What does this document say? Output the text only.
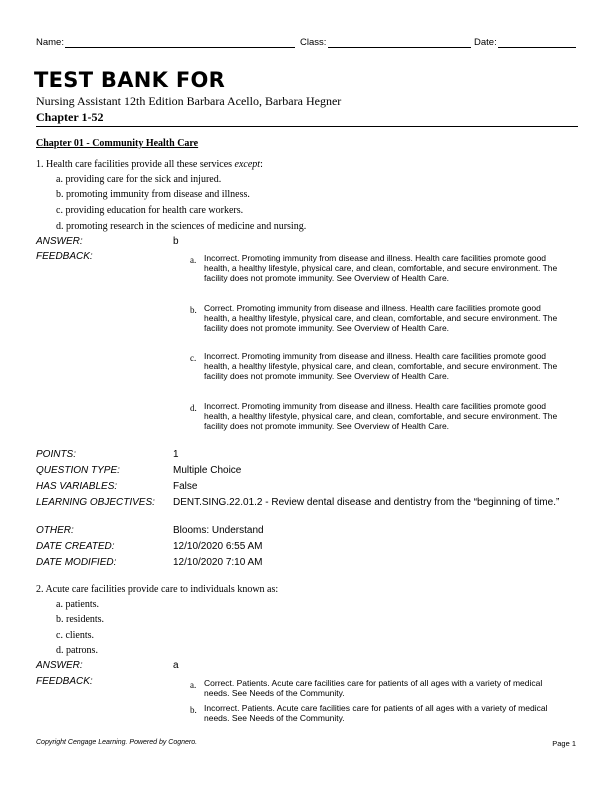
Name:	Class:	Date:
TEST BANK FOR
Nursing Assistant 12th Edition Barbara Acello, Barbara Hegner
Chapter 1-52
Chapter 01 - Community Health Care
1. Health care facilities provide all these services except:
a. providing care for the sick and injured.
b. promoting immunity from disease and illness.
c. providing education for health care workers.
d. promoting research in the sciences of medicine and nursing.
ANSWER:	b
FEEDBACK:	a. Incorrect. Promoting immunity from disease and illness. Health care facilities promote good health, a healthy lifestyle, physical care, and clean, comfortable, and secure environment. The facility does not promote immunity. See Overview of Health Care.
b. Correct. Promoting immunity from disease and illness. Health care facilities promote good health, a healthy lifestyle, physical care, and clean, comfortable, and secure environment. The facility does not promote immunity. See Overview of Health Care.
c. Incorrect. Promoting immunity from disease and illness. Health care facilities promote good health, a healthy lifestyle, physical care, and clean, comfortable, and secure environment. The facility does not promote immunity. See Overview of Health Care.
d. Incorrect. Promoting immunity from disease and illness. Health care facilities promote good health, a healthy lifestyle, physical care, and clean, comfortable, and secure environment. The facility does not promote immunity. See Overview of Health Care.
POINTS:	1
QUESTION TYPE:	Multiple Choice
HAS VARIABLES:	False
LEARNING OBJECTIVES: DENT.SING.22.01.2 - Review dental disease and dentistry from the “beginning of time.”
OTHER:	Blooms: Understand
DATE CREATED:	12/10/2020 6:55 AM
DATE MODIFIED:	12/10/2020 7:10 AM
2. Acute care facilities provide care to individuals known as:
a. patients.
b. residents.
c. clients.
d. patrons.
ANSWER:	a
FEEDBACK:	a. Correct. Patients. Acute care facilities care for patients of all ages with a variety of medical needs. See Needs of the Community.
b. Incorrect. Patients. Acute care facilities care for patients of all ages with a variety of medical needs. See Needs of the Community.
Copyright Cengage Learning. Powered by Cognero.	Page 1
